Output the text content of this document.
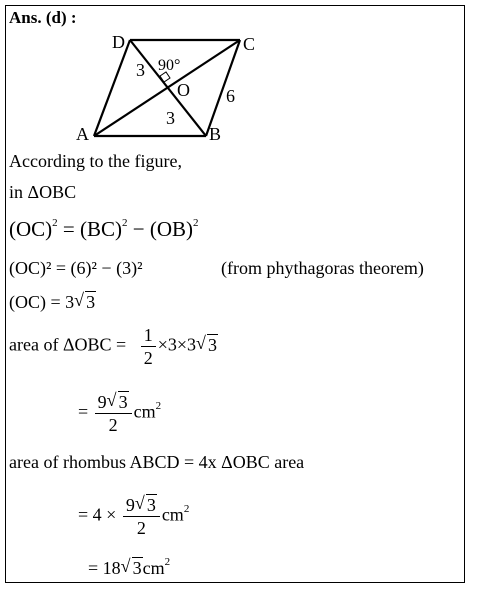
Ans. (d) :
D	C
A	B
O
3
3
6
90°
According to the figure,
in ΔOBC
(OC)$^2$ = (BC)$^2$ − (OB)$^2$
(OC)² = (6)² − (3)²	(from phythagoras theorem)
(OC) = 3 √ 3
area of $\Delta OBC = \frac{1}{2} \times 3\times 3$ √ 3
= $\frac{9 √ 3}{2} cm^2$
area of rhombus ABCD = 4x ΔOBC area
= $4 \times \frac{9 √ 3}{2} cm^2$
= 18 √ $3cm^2$
